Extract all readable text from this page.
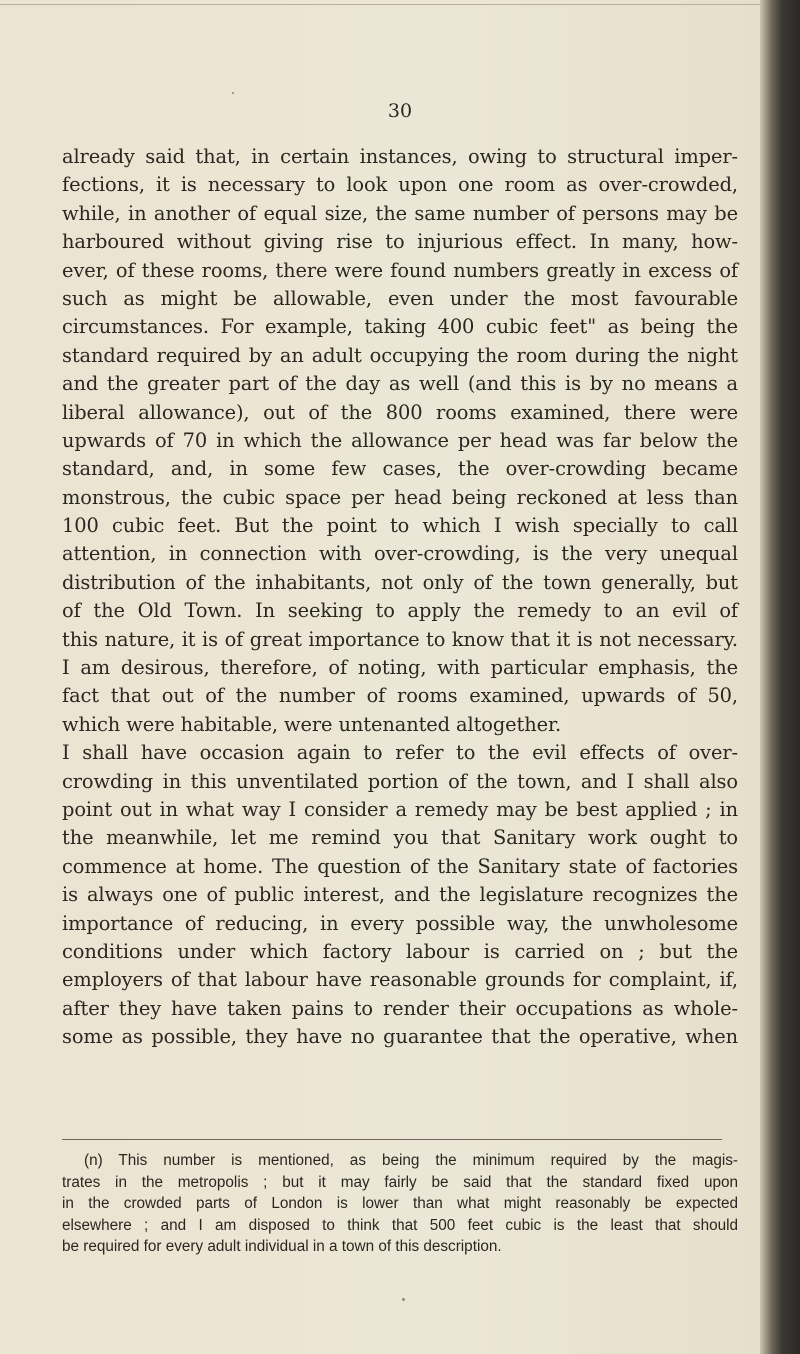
30
already said that, in certain instances, owing to structural imper-
fections, it is necessary to look upon one room as over-crowded,
while, in another of equal size, the same number of persons may be
harboured without giving rise to injurious effect. In many, how-
ever, of these rooms, there were found numbers greatly in excess of
such as might be allowable, even under the most favourable
circumstances. For example, taking 400 cubic feet" as being the
standard required by an adult occupying the room during the night
and the greater part of the day as well (and this is by no means a
liberal allowance), out of the 800 rooms examined, there were
upwards of 70 in which the allowance per head was far below the
standard, and, in some few cases, the over-crowding became
monstrous, the cubic space per head being reckoned at less than
100 cubic feet. But the point to which I wish specially to call
attention, in connection with over-crowding, is the very unequal
distribution of the inhabitants, not only of the town generally, but
of the Old Town. In seeking to apply the remedy to an evil of
this nature, it is of great importance to know that it is not necessary.
I am desirous, therefore, of noting, with particular emphasis, the
fact that out of the number of rooms examined, upwards of 50,
which were habitable, were untenanted altogether.
I shall have occasion again to refer to the evil effects of over-
crowding in this unventilated portion of the town, and I shall also
point out in what way I consider a remedy may be best applied ; in
the meanwhile, let me remind you that Sanitary work ought to
commence at home. The question of the Sanitary state of factories
is always one of public interest, and the legislature recognizes the
importance of reducing, in every possible way, the unwholesome
conditions under which factory labour is carried on ; but the
employers of that labour have reasonable grounds for complaint, if,
after they have taken pains to render their occupations as whole-
some as possible, they have no guarantee that the operative, when
(n) This number is mentioned, as being the minimum required by the magis-
trates in the metropolis ; but it may fairly be said that the standard fixed upon
in the crowded parts of London is lower than what might reasonably be expected
elsewhere ; and I am disposed to think that 500 feet cubic is the least that should
be required for every adult individual in a town of this description.
